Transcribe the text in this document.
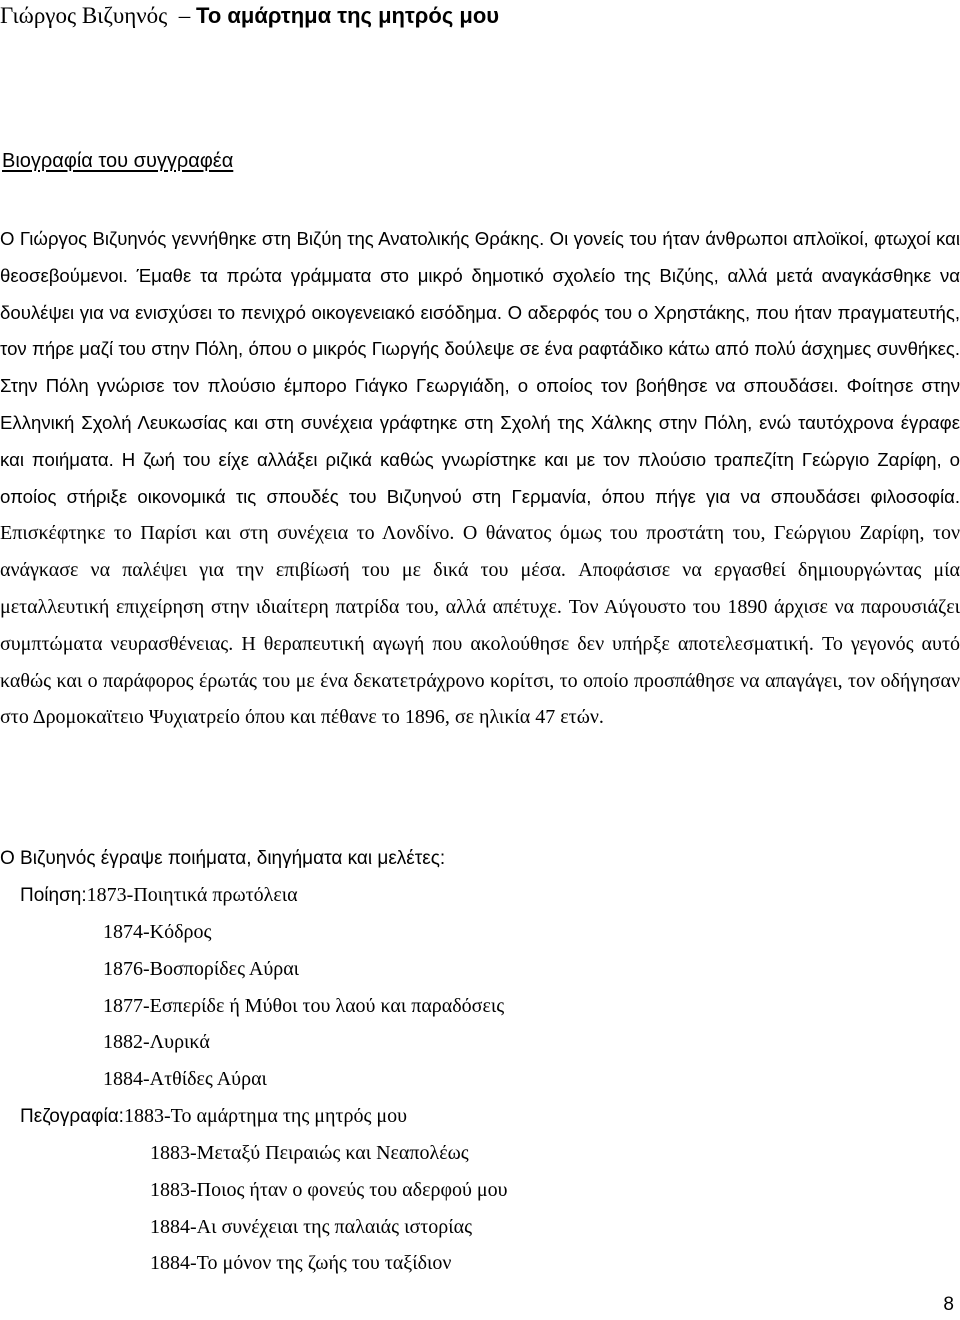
Γιώργος Βιζυηνός  – Το αμάρτημα της μητρός μου
Βιογραφία του συγγραφέα

Ο Γιώργος Βιζυηνός γεννήθηκε στη Βιζύη της Ανατολικής Θράκης. Οι γονείς του ήταν άνθρωποι απλοϊκοί, φτωχοί και θεοσεβούμενοι. Έμαθε τα πρώτα γράμματα στο μικρό δημοτικό σχολείο της Βιζύης, αλλά μετά αναγκάσθηκε να δουλέψει για να ενισχύσει το πενιχρό οικογενειακό εισόδημα. Ο αδερφός του ο Χρηστάκης, που ήταν πραγματευτής, τον πήρε μαζί του στην Πόλη, όπου ο μικρός Γιωργής δούλεψε σε ένα ραφτάδικο κάτω από πολύ άσχημες συνθήκες. Στην Πόλη γνώρισε τον πλούσιο έμπορο Γιάγκο Γεωργιάδη, ο οποίος τον βοήθησε να σπουδάσει. Φοίτησε στην Ελληνική Σχολή Λευκωσίας και στη συνέχεια γράφτηκε στη Σχολή της Χάλκης στην Πόλη, ενώ ταυτόχρονα έγραφε και ποιήματα. Η ζωή του είχε αλλάξει ριζικά καθώς γνωρίστηκε και με τον πλούσιο τραπεζίτη Γεώργιο Ζαρίφη, ο οποίος στήριξε οικονομικά τις σπουδές του Βιζυηνού στη Γερμανία, όπου πήγε για να σπουδάσει φιλοσοφία. Επισκέφτηκε το Παρίσι και στη συνέχεια το Λονδίνο. Ο θάνατος όμως του προστάτη του, Γεώργιου Ζαρίφη, τον ανάγκασε να παλέψει για την επιβίωσή του με δικά του μέσα. Αποφάσισε να εργασθεί δημιουργώντας μία μεταλλευτική επιχείρηση στην ιδιαίτερη πατρίδα του, αλλά απέτυχε. Τον Αύγουστο του 1890 άρχισε να παρουσιάζει συμπτώματα νευρασθένειας. Η θεραπευτική αγωγή που ακολούθησε δεν υπήρξε αποτελεσματική. Το γεγονός αυτό καθώς και ο παράφορος έρωτάς του με ένα δεκατετράχρονο κορίτσι, το οποίο προσπάθησε να απαγάγει, τον οδήγησαν στο Δρομοκαϊτειο Ψυχιατρείο όπου και πέθανε το 1896, σε ηλικία 47 ετών.

Ο Βιζυηνός έγραψε ποιήματα, διηγήματα και μελέτες:
Ποίηση:1873-Ποιητικά πρωτόλεια
1874-Κόδρος
1876-Βοσπορίδες Αύραι
1877-Εσπερίδε ή Μύθοι του λαού και παραδόσεις
1882-Λυρικά
1884-Ατθίδες Αύραι
Πεζογραφία:1883-Το αμάρτημα της μητρός μου
1883-Μεταξύ Πειραιώς και Νεαπολέως
1883-Ποιος ήταν ο φονεύς του αδερφού μου
1884-Αι συνέχειαι της παλαιάς ιστορίας
1884-Το μόνον της ζωής του ταξίδιον
8
